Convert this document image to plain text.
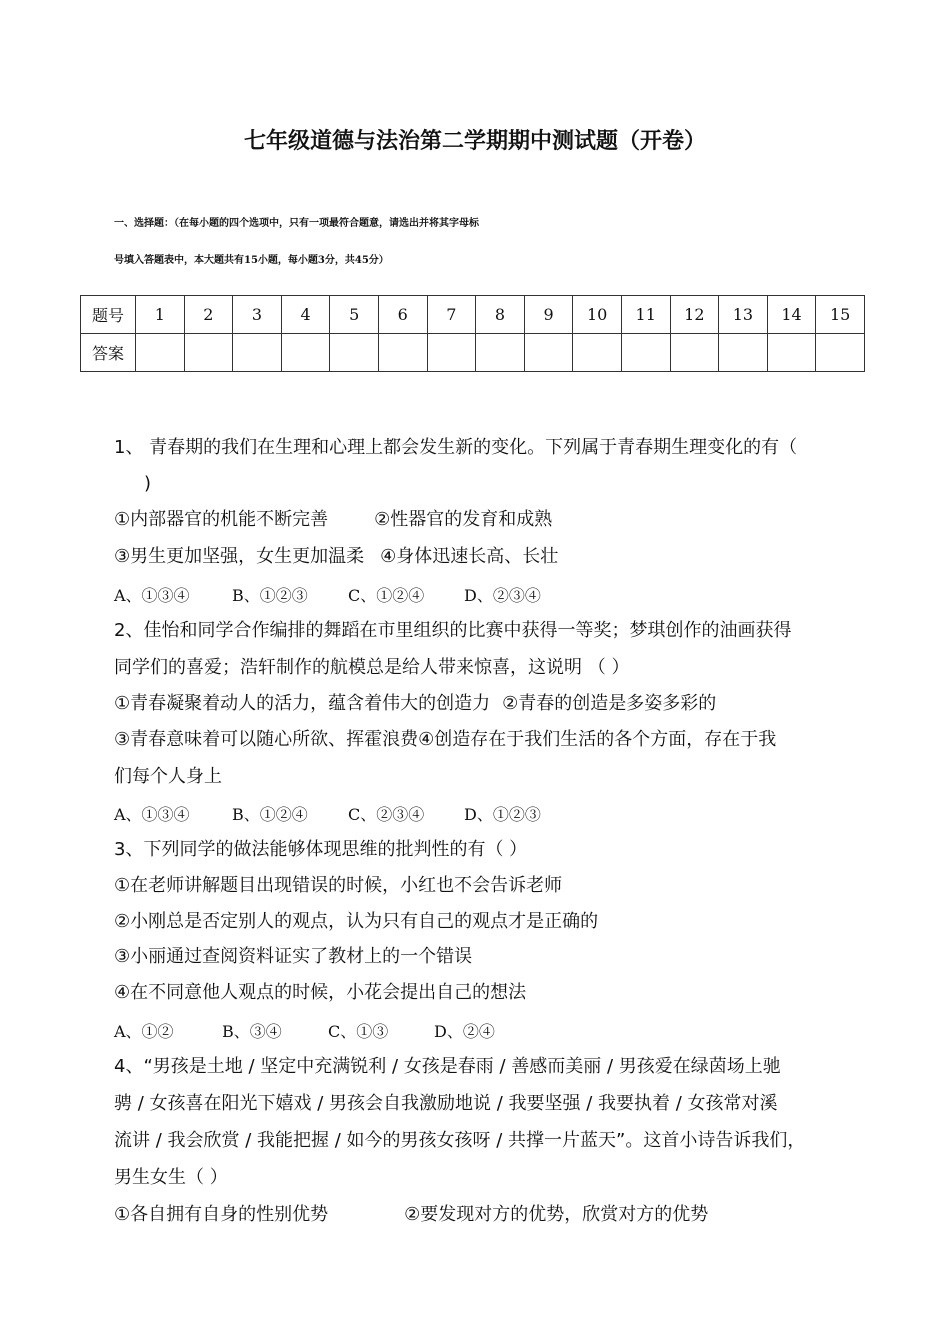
七年级道德与法治第二学期期中测试题（开卷）
一、选择题：（在每小题的四个选项中，只有一项最符合题意，请选出并将其字母标
号填入答题表中，本大题共有15小题，每小题3分，共45分）
题号	1	2	3	4	5	6	7	8	9	10	11	12	13	14	15
答案															
1、 青春期的我们在生理和心理上都会发生新的变化。下列属于青春期生理变化的有（
)
①内部器官的机能不断完善	②性器官的发育和成熟
③男生更加坚强，女生更加温柔 ④身体迅速长高、长壮
A、①③④	B、①②③	C、①②④ D、②③④
2、佳怡和同学合作编排的舞蹈在市里组织的比赛中获得一等奖；梦琪创作的油画获得
同学们的喜爱；浩轩制作的航模总是给人带来惊喜，这说明 （ ）
①青春凝聚着动人的活力，蕴含着伟大的创造力 ②青春的创造是多姿多彩的
③青春意味着可以随心所欲、挥霍浪费④创造存在于我们生活的各个方面，存在于我
们每个人身上
A、①③④	B、①②④	C、②③④ D、①②③
3、下列同学的做法能够体现思维的批判性的有（ ）
①在老师讲解题目出现错误的时候，小红也不会告诉老师
②小刚总是否定别人的观点，认为只有自己的观点才是正确的
③小丽通过查阅资料证实了教材上的一个错误
④在不同意他人观点的时候，小花会提出自己的想法
A、①②	B、③④	C、①③	D、②④
4、“男孩是土地 / 坚定中充满锐利 / 女孩是春雨 / 善感而美丽 / 男孩爱在绿茵场上驰
骋 / 女孩喜在阳光下嬉戏 / 男孩会自我激励地说 / 我要坚强 / 我要执着 / 女孩常对溪
流讲 / 我会欣赏 / 我能把握 / 如今的男孩女孩呀 / 共撑一片蓝天”。这首小诗告诉我们，
男生女生（ ）
①各自拥有自身的性别优势	②要发现对方的优势，欣赏对方的优势
